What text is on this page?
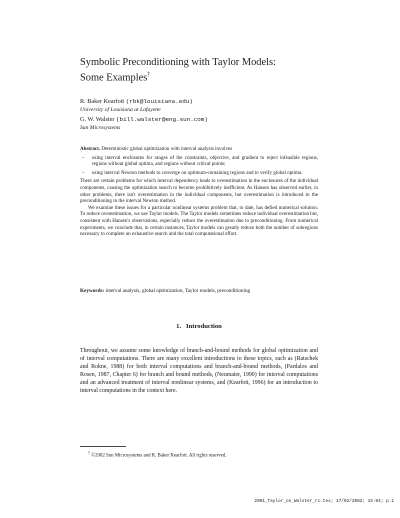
Symbolic Preconditioning with Taylor Models:
Some Examples†
R. Baker Kearfott (rbk@louisiana.edu)
University of Louisiana at Lafayette
G. W. Walster (bill.walster@eng.sun.com)
Sun Microsystems

Abstract. Deterministic global optimization with interval analysis involves

– using interval enclosures for ranges of the constraints, objective, and gradient to reject infeasible regions, regions without global optima, and regions without critical points;
– using interval Newton methods to converge on optimum-containing regions and to verify global optima.

There are certain problems for which interval dependency leads to overestimation in the enclosures of the individual components, causing the optimization search to become prohibitively inefficient. As Hansen has observed earlier, in other problems, there isn't overestimation in the individual components, but overestimation is introduced in the preconditioning in the interval Newton method.

We examine these issues for a particular nonlinear systems problem that, to date, has defied numerical solution. To reduce overestimation, we use Taylor models. The Taylor models sometimes reduce individual overestimation but, consistent with Hansen's observations, especially reduce the overestimation due to preconditioning. From numerical experiments, we conclude that, in certain instances, Taylor models can greatly reduce both the number of subregions necessary to complete an exhaustive search and the total computational effort.

Keywords: interval analysis, global optimization, Taylor models, preconditioning
1. Introduction
Throughout, we assume some knowledge of branch-and-bound methods for global optimization and of interval computations. There are many excellent introductions to these topics, such as (Ratschek and Rokne, 1988) for both interval computations and branch-and-bound methods, (Pardalos and Rosen, 1987, Chapter 6) for branch and bound methods, (Neumaier, 1990) for interval computations and an advanced treatment of interval nonlinear systems, and (Kearfott, 1996) for an introduction to interval computations in the context here.
† ©2002 Sun Microsystems and R. Baker Kearfott. All rights reserved.
2001_Taylor_on_Walster_rc.tex; 17/02/2002; 15:04; p.1
